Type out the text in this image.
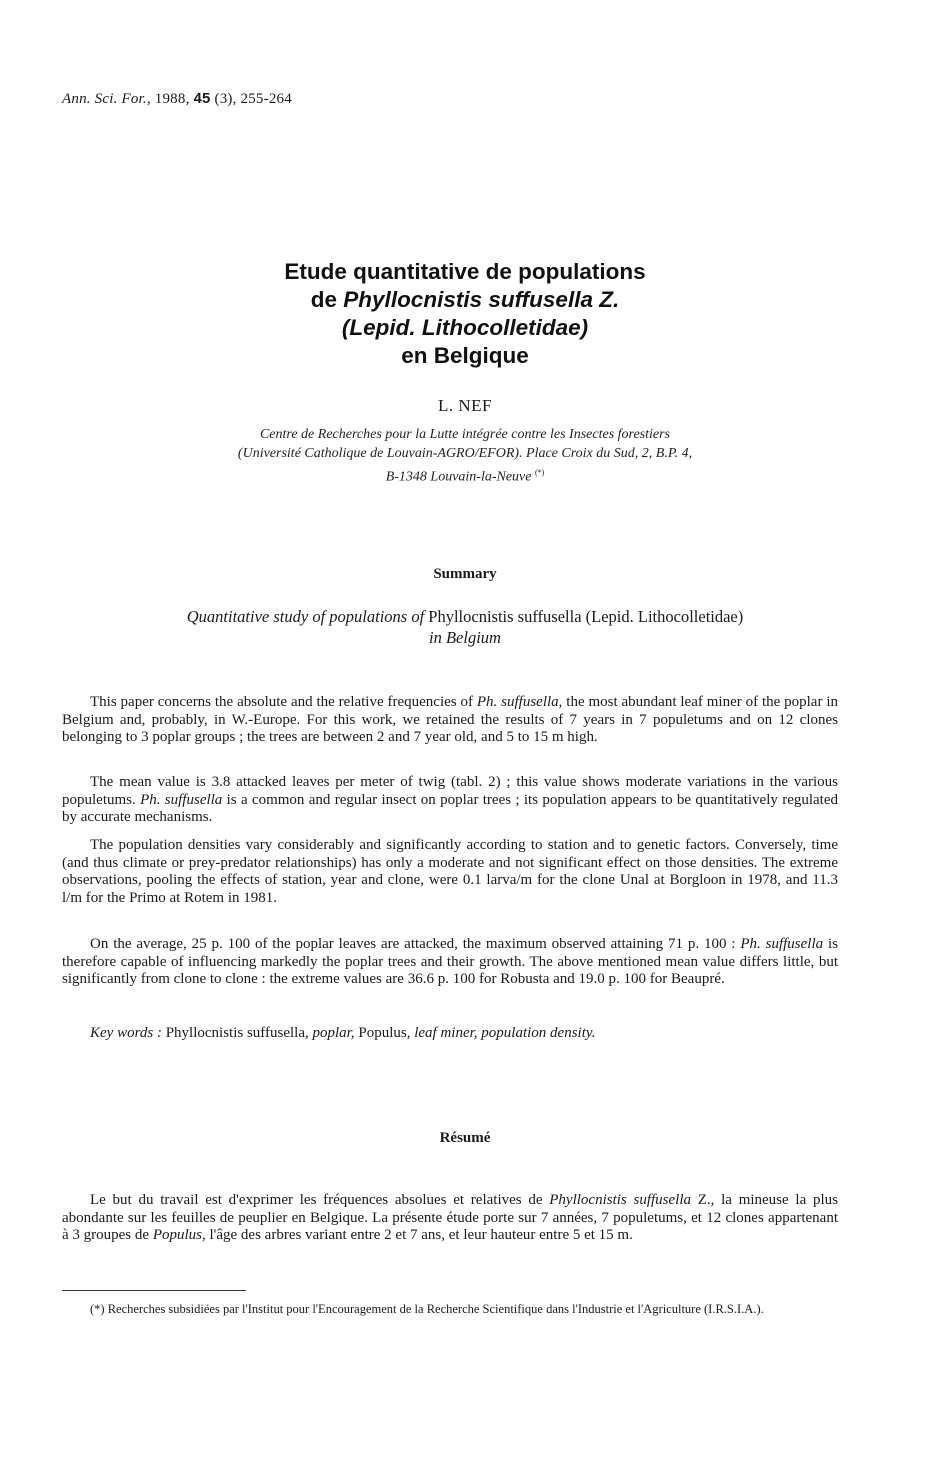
Ann. Sci. For., 1988, 45 (3), 255-264
Etude quantitative de populations
de Phyllocnistis suffusella Z.
(Lepid. Lithocolletidae)
en Belgique
L. NEF
Centre de Recherches pour la Lutte intégrée contre les Insectes forestiers
(Université Catholique de Louvain-AGRO/EFOR). Place Croix du Sud, 2, B.P. 4,
B-1348 Louvain-la-Neuve (*)
Summary
Quantitative study of populations of Phyllocnistis suffusella (Lepid. Lithocolletidae)
in Belgium

This paper concerns the absolute and the relative frequencies of Ph. suffusella, the most abundant leaf miner of the poplar in Belgium and, probably, in W.-Europe. For this work, we retained the results of 7 years in 7 populetums and on 12 clones belonging to 3 poplar groups ; the trees are between 2 and 7 year old, and 5 to 15 m high.

The mean value is 3.8 attacked leaves per meter of twig (tabl. 2) ; this value shows moderate variations in the various populetums. Ph. suffusella is a common and regular insect on poplar trees ; its population appears to be quantitatively regulated by accurate mechanisms.

The population densities vary considerably and significantly according to station and to genetic factors. Conversely, time (and thus climate or prey-predator relationships) has only a moderate and not significant effect on those densities. The extreme observations, pooling the effects of station, year and clone, were 0.1 larva/m for the clone Unal at Borgloon in 1978, and 11.3 l/m for the Primo at Rotem in 1981.

On the average, 25 p. 100 of the poplar leaves are attacked, the maximum observed attaining 71 p. 100 : Ph. suffusella is therefore capable of influencing markedly the poplar trees and their growth. The above mentioned mean value differs little, but significantly from clone to clone : the extreme values are 36.6 p. 100 for Robusta and 19.0 p. 100 for Beaupré.

Key words : Phyllocnistis suffusella, poplar, Populus, leaf miner, population density.

Résumé

Le but du travail est d'exprimer les fréquences absolues et relatives de Phyllocnistis suffusella Z., la mineuse la plus abondante sur les feuilles de peuplier en Belgique. La présente étude porte sur 7 années, 7 populetums, et 12 clones appartenant à 3 groupes de Populus, l'âge des arbres variant entre 2 et 7 ans, et leur hauteur entre 5 et 15 m.

(*) Recherches subsidiées par l'Institut pour l'Encouragement de la Recherche Scientifique dans l'Industrie et l'Agriculture (I.R.S.I.A.).
